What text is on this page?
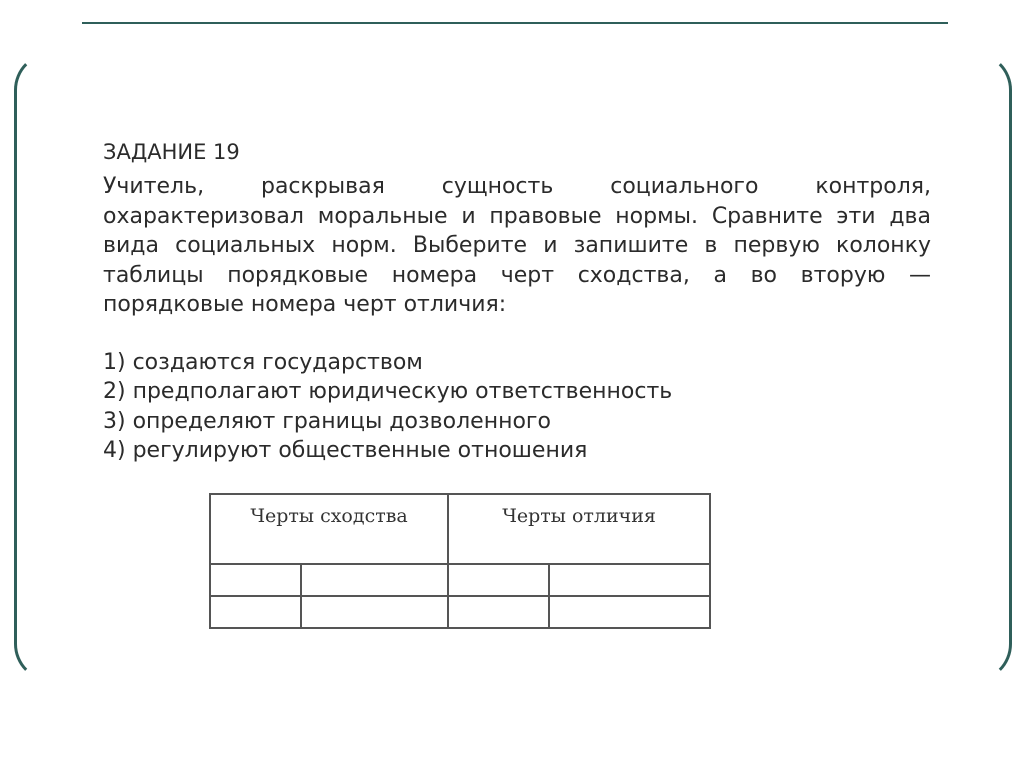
ЗАДАНИЕ 19

Учитель, раскрывая сущность социального контроля, охарактеризовал моральные и правовые нормы. Сравните эти два вида социальных норм. Выберите и запишите в первую колонку таблицы порядковые номера черт сходства, а во вторую — порядковые номера черт отличия:

1) создаются государством
2) предполагают юридическую ответственность
3) определяют границы дозволенного
4) регулируют общественные отношения
Черты сходства		Черты отличия	
